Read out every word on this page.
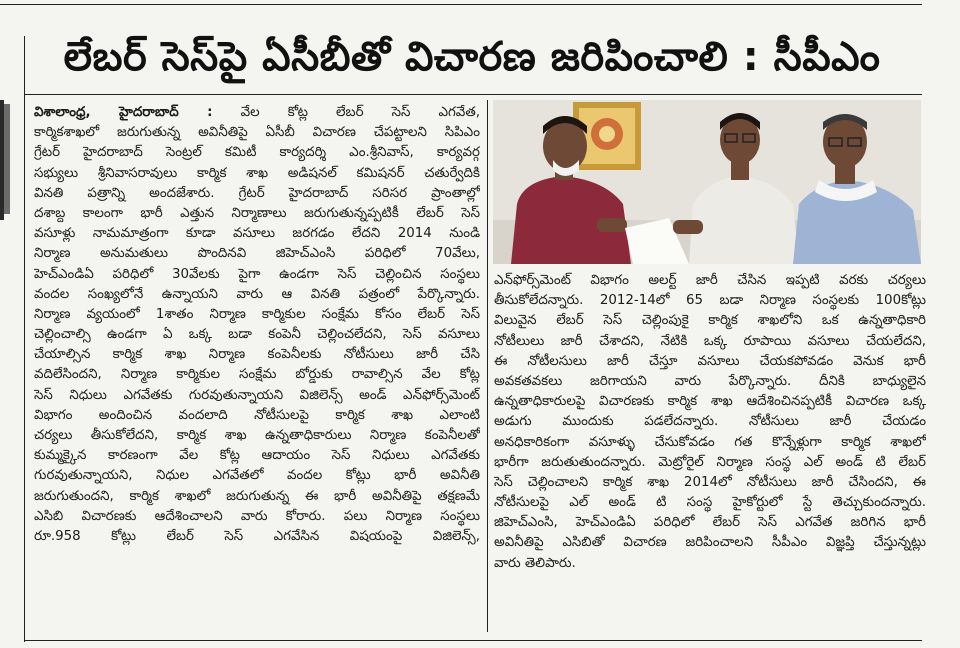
లేబర్ సెస్‌పై ఏసీబీతో విచారణ జరిపించాలి : సీపీఎం
విశాలాంధ్ర, హైదరాబాద్ : వేల కోట్ల లేబర్ సెస్ ఎగవేత,
కార్మికశాఖలో జరుగుతున్న అవినీతిపై ఏసీబీ విచారణ చేపట్టాలని సిపిఎం
గ్రేటర్ హైదరాబాద్ సెంట్రల్ కమిటీ కార్యదర్శి ఎం.శ్రీనివాస్, కార్యవర్గ
సభ్యులు శ్రీనివాసరావులు కార్మిక శాఖ అడిషనల్ కమిషనర్ చతుర్వేదికి
వినతి పత్రాన్ని అందజేశారు. గ్రేటర్ హైదరాబాద్ సరిసర ప్రాంతాల్లో
దశాబ్ద కాలంగా భారీ ఎత్తున నిర్మాణాలు జరుగుతున్నప్పటికీ లేబర్ సెస్
వసూళ్లు నామమాత్రంగా కూడా వసూలు జరగడం లేదని 2014 నుండి
నిర్మాణ అనుమతులు పొందినవి జిహెచ్ఎంసి పరిధిలో 70వేలు,
హెచ్ఎండిఏ పరిధిలో 30వేలకు పైగా ఉండగా సెస్ చెల్లించిన సంస్థలు
వందల సంఖ్యలోనే ఉన్నాయని వారు ఆ వినతి పత్రంలో పేర్కొన్నారు.
నిర్మాణ వ్యయంలో 1శాతం నిర్మాణ కార్మికుల సంక్షేమ కోసం లేబర్ సెస్
చెల్లించాల్సి ఉండగా ఏ ఒక్క బడా కంపెనీ చెల్లించలేదని, సెస్ వసూలు
చేయాల్సిన కార్మిక శాఖ నిర్మాణ కంపెనీలకు నోటీసులు జారీ చేసి
వదిలేసిందని, నిర్మాణ కార్మికుల సంక్షేమ బోర్డుకు రావాల్సిన వేల కోట్ల
సెస్ నిధులు ఎగవేతకు గురవుతున్నాయని విజిలెన్స్ అండ్ ఎన్‌ఫోర్స్‌మెంట్
విభాగం అందించిన వందలాది నోటీసులపై కార్మిక శాఖ ఎలాంటి
చర్యలు తీసుకోలేదని, కార్మిక శాఖ ఉన్నతాధికారులు నిర్మాణ కంపెనీలతో
కుమ్మక్కైన కారణంగా వేల కోట్ల ఆదాయం సెస్ నిధులు ఎగవేతకు
గురవుతున్నాయని, నిధుల ఎగవేతలో వందల కోట్లు భారీ అవినీతి
జరుగుతుందని, కార్మిక శాఖలో జరుగుతున్న ఈ భారీ అవినీతిపై తక్షణమే
ఎసిబి విచారణకు ఆదేశించాలని వారు కోరారు. పలు నిర్మాణ సంస్థలు
రూ.958 కోట్లు లేబర్ సెస్ ఎగవేసిన విషయంపై విజిలెన్స్,
ఎన్‌ఫోర్స్‌మెంట్ విభాగం అలర్ట్ జారీ చేసిన ఇప్పటి వరకు చర్యలు
తీసుకోలేదన్నారు. 2012-14లో 65 బడా నిర్మాణ సంస్థలకు 100కోట్లు
విలువైన లేబర్ సెస్ చెల్లింపుకై కార్మిక శాఖలోని ఒక ఉన్నతాధికారి
నోటీలులు జారీ చేశాదని, నేటికి ఒక్క రూపాయి వసూలు చేయలేదని,
ఈ నోటీలసులు జారీ చేస్తూ వసూలు చేయకపోవడం వెనుక భారీ
అవకతవకలు జరిగాయని వారు పేర్కొన్నారు. దీనికి బాధ్యులైన
ఉన్నతాధికారులపై విచారణకు కార్మిక శాఖ ఆదేశించినప్పటికీ విచారణ ఒక్క
అడుగు ముందుకు పడలేదన్నారు. నోటీసులు జారీ చేయడం
అనధికారికంగా వసూళ్ళు చేసుకోవడం గత కొన్నేళ్లుగా కార్మిక శాఖలో
భారీగా జరుతుతుందన్నారు. మెట్రోరైల్ నిర్మాణ సంస్థ ఎల్ అండ్ టి లేబర్
సెస్ చెల్లించాలని కార్మిక శాఖ 2014లో నోటీసులు జారీ చేసిందని, ఈ
నోటీసులపై ఎల్ అండ్ టి సంస్థ హైకోర్టులో స్టే తెచ్చుకుందన్నారు.
జిహెచ్ఎంసి, హెచ్ఎండిఏ పరిధిలో లేబర్ సెస్ ఎగవేత జరిగిన భారీ
అవినీతిపై ఎసిబితో విచారణ జరిపించాలని సీపీఎం విజ్ఞప్తి చేస్తున్నట్లు
వారు తెలిపారు.
